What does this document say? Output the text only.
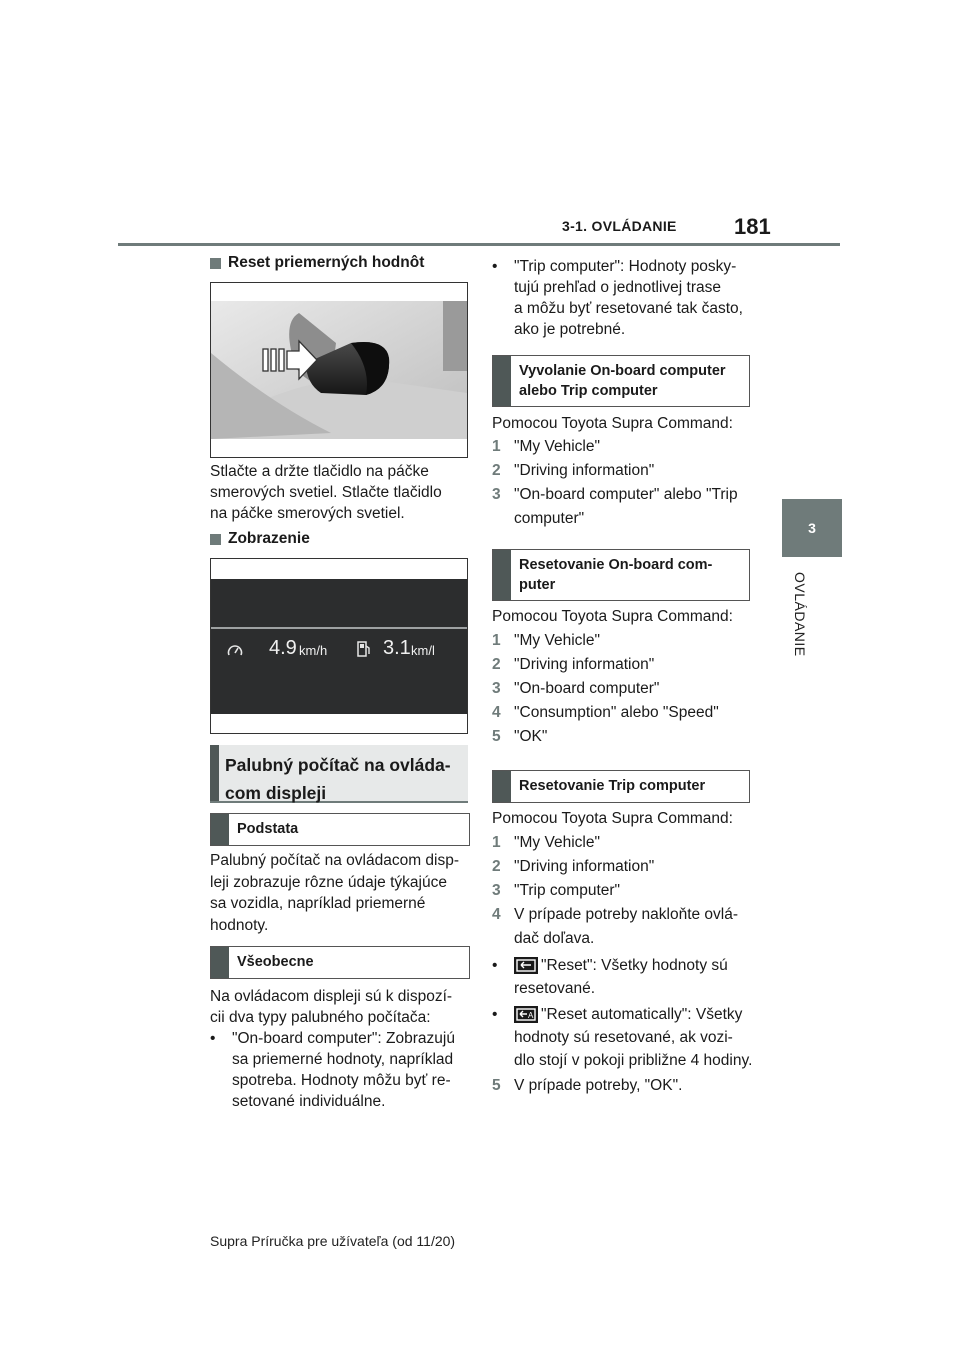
3-1. OVLÁDANIE	181
3
OVLÁDANIE
Reset priemerných hodnôt
Stlačte a držte tlačidlo na páčke
smerových svetiel. Stlačte tlačidlo
na páčke smerových svetiel.
Zobrazenie
4.9 km/h	3.1 km/l
Palubný počítač na ovláda-
com displeji
Podstata
Palubný počítač na ovládacom disp-
leji zobrazuje rôzne údaje týkajúce
sa vozidla, napríklad priemerné
hodnoty.
Všeobecne
Na ovládacom displeji sú k dispozí-
cii dva typy palubného počítača:
•	"On-board computer": Zobrazujú
sa priemerné hodnoty, napríklad
spotreba. Hodnoty môžu byť re-
setované individuálne.
•	"Trip computer": Hodnoty posky-
tujú prehľad o jednotlivej trase
a môžu byť resetované tak často,
ako je potrebné.
Vyvolanie On-board computer
alebo Trip computer
Pomocou Toyota Supra Command:
1 "My Vehicle"
2 "Driving information"
3 "On-board computer" alebo "Trip
computer"
Resetovanie On-board com-
puter
Pomocou Toyota Supra Command:
1 "My Vehicle"
2 "Driving information"
3 "On-board computer"
4 "Consumption" alebo "Speed"
5 "OK"
Resetovanie Trip computer
Pomocou Toyota Supra Command:
1 "My Vehicle"
2 "Driving information"
3 "Trip computer"
4 V prípade potreby nakloňte ovlá-
dač doľava.
•	"Reset": Všetky hodnoty sú
resetované.
•	A "Reset automatically": Všetky
hodnoty sú resetované, ak vozi-
dlo stojí v pokoji približne 4 hodiny.
5 V prípade potreby, "OK".
Supra Príručka pre užívateľa (od 11/20)
